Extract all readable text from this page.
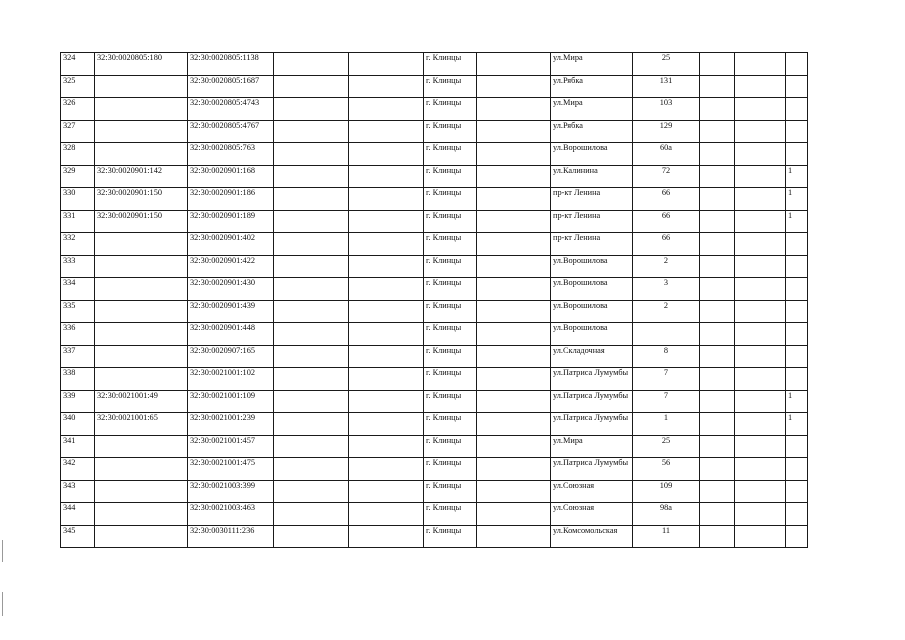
324	32:30:0020805:180	32:30:0020805:1138			г. Клинцы		ул.Мира	25			
325		32:30:0020805:1687			г. Клинцы		ул.Рябка	131			
326		32:30:0020805:4743			г. Клинцы		ул.Мира	103			
327		32:30:0020805:4767			г. Клинцы		ул.Рябка	129			
328		32:30:0020805:763			г. Клинцы		ул.Ворошилова	60а			
329	32:30:0020901:142	32:30:0020901:168			г. Клинцы		ул.Калинина	72			1
330	32:30:0020901:150	32:30:0020901:186			г. Клинцы		пр-кт Ленина	66			1
331	32:30:0020901:150	32:30:0020901:189			г. Клинцы		пр-кт Ленина	66			1
332		32:30:0020901:402			г. Клинцы		пр-кт Ленина	66			
333		32:30:0020901:422			г. Клинцы		ул.Ворошилова	2			
334		32:30:0020901:430			г. Клинцы		ул.Ворошилова	3			
335		32:30:0020901:439			г. Клинцы		ул.Ворошилова	2			
336		32:30:0020901:448			г. Клинцы		ул.Ворошилова				
337		32:30:0020907:165			г. Клинцы		ул.Складочная	8			
338		32:30:0021001:102			г. Клинцы		ул.Патриса Лумумбы	7			
339	32:30:0021001:49	32:30:0021001:109			г. Клинцы		ул.Патриса Лумумбы	7			1
340	32:30:0021001:65	32:30:0021001:239			г. Клинцы		ул.Патриса Лумумбы	1			1
341		32:30:0021001:457			г. Клинцы		ул.Мира	25			
342		32:30:0021001:475			г. Клинцы		ул.Патриса Лумумбы	56			
343		32:30:0021003:399			г. Клинцы		ул.Союзная	109			
344		32:30:0021003:463			г. Клинцы		ул.Союзная	98а			
345		32:30:0030111:236			г. Клинцы		ул.Комсомольская	11			
